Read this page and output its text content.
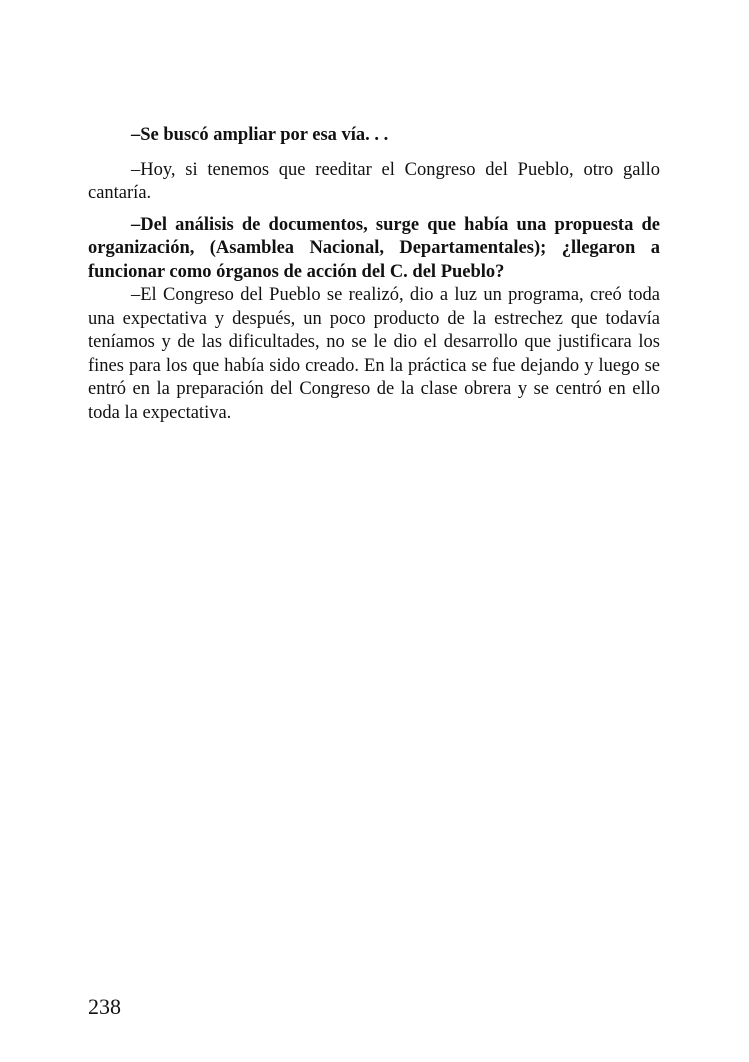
–Se buscó ampliar por esa vía. . .

–Hoy, si tenemos que reeditar el Congreso del Pueblo, otro gallo cantaría.

–Del análisis de documentos, surge que había una propuesta de organización, (Asamblea Nacional, Departamentales); ¿llegaron a funcionar como órganos de acción del C. del Pueblo?

–El Congreso del Pueblo se realizó, dio a luz un programa, creó toda una expectativa y después, un poco producto de la estrechez que todavía teníamos y de las dificultades, no se le dio el desarrollo que justificara los fines para los que había sido creado. En la práctica se fue dejando y luego se entró en la preparación del Congreso de la clase obrera y se centró en ello toda la expectativa.

238
